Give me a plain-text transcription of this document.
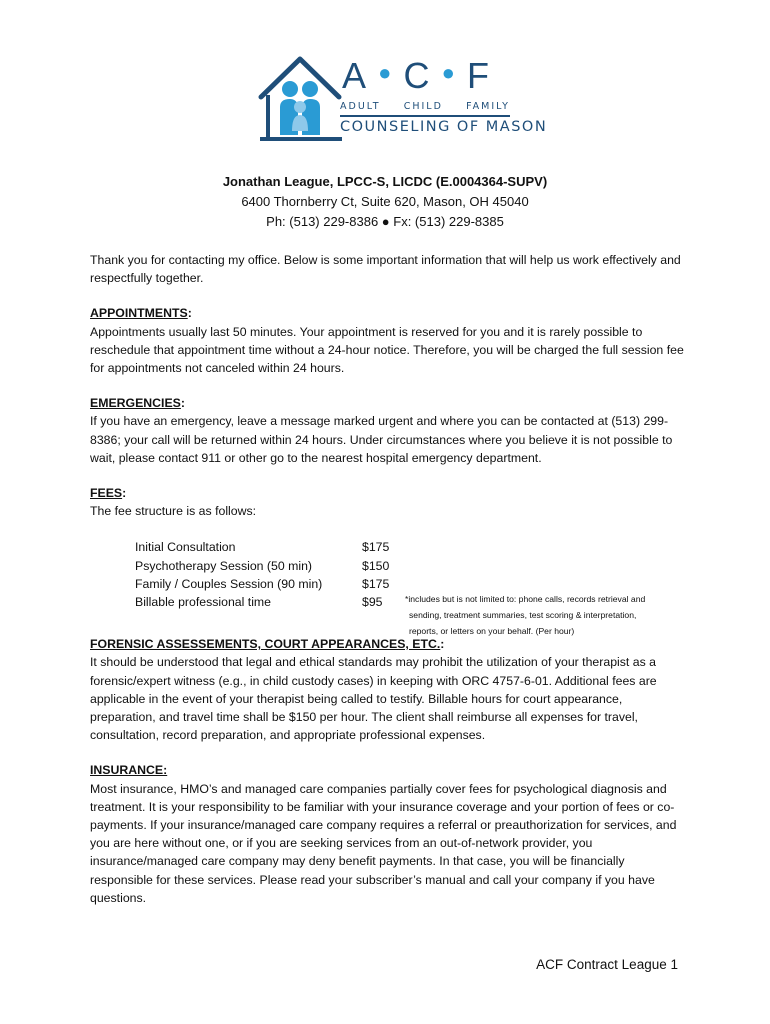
A ● C ● F
ADULT CHILD FAMILY
COUNSELING OF MASON
Jonathan League, LPCC-S, LICDC (E.0004364-SUPV)
6400 Thornberry Ct, Suite 620, Mason, OH 45040
Ph: (513) 229-8386 ● Fx: (513) 229-8385

Thank you for contacting my office. Below is some important information that will help us work effectively and respectfully together.

APPOINTMENTS:

Appointments usually last 50 minutes. Your appointment is reserved for you and it is rarely possible to reschedule that appointment time without a 24-hour notice. Therefore, you will be charged the full session fee for appointments not canceled within 24 hours.

EMERGENCIES:

If you have an emergency, leave a message marked urgent and where you can be contacted at (513) 299-8386; your call will be returned within 24 hours. Under circumstances where you believe it is not possible to wait, please contact 911 or other go to the nearest hospital emergency department.

FEES:

The fee structure is as follows:

Initial Consultation	$175
Psychotherapy Session (50 min)	$150
Family / Couples Session (90 min)	$175
Billable professional time	$95	*includes but is not limited to: phone calls, records retrieval and
sending, treatment summaries, test scoring & interpretation,
reports, or letters on your behalf. (Per hour)

FORENSIC ASSESSEMENTS, COURT APPEARANCES, ETC.:

It should be understood that legal and ethical standards may prohibit the utilization of your therapist as a forensic/expert witness (e.g., in child custody cases) in keeping with ORC 4757-6-01. Additional fees are applicable in the event of your therapist being called to testify. Billable hours for court appearance, preparation, and travel time shall be $150 per hour. The client shall reimburse all expenses for travel, consultation, record preparation, and appropriate professional expenses.

INSURANCE:

Most insurance, HMO’s and managed care companies partially cover fees for psychological diagnosis and treatment. It is your responsibility to be familiar with your insurance coverage and your portion of fees or co-payments. If your insurance/managed care company requires a referral or preauthorization for services, and you are here without one, or if you are seeking services from an out-of-network provider, you insurance/managed care company may deny benefit payments. In that case, you will be financially responsible for these services. Please read your subscriber’s manual and call your company if you have questions.

ACF Contract League 1
